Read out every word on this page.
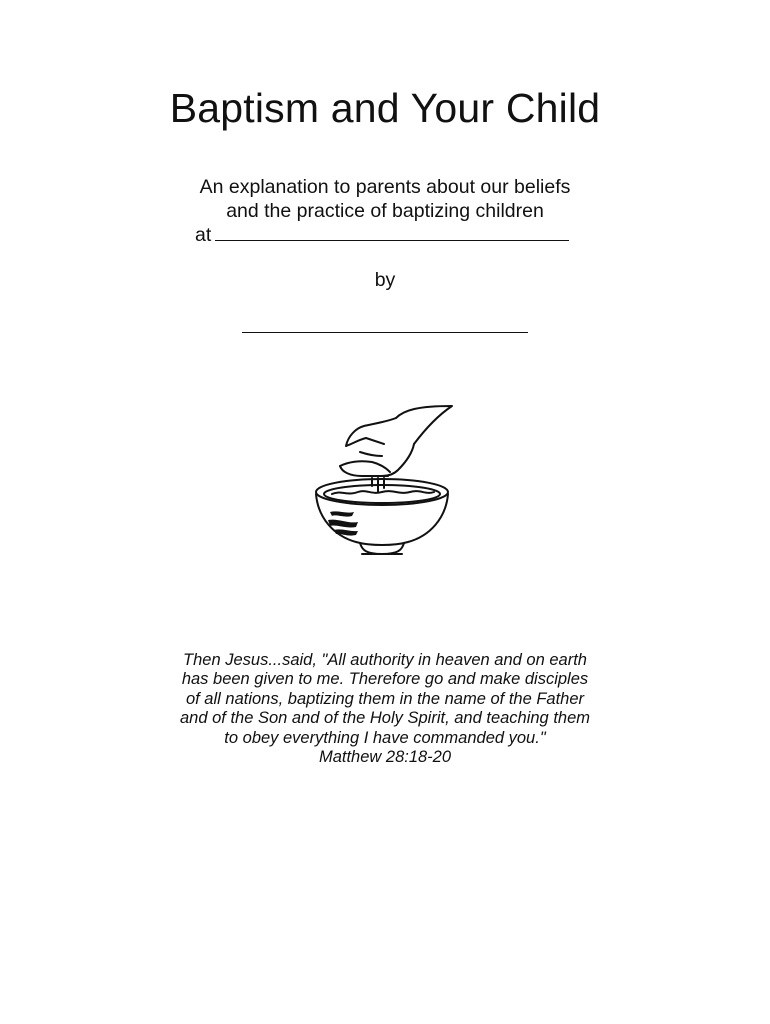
Baptism and Your Child
An explanation to parents about our beliefs
and the practice of baptizing children
at
by
Then Jesus...said, "All authority in heaven and on earth
has been given to me. Therefore go and make disciples
of all nations, baptizing them in the name of the Father
and of the Son and of the Holy Spirit, and teaching them
to obey everything I have commanded you."
Matthew 28:18-20
